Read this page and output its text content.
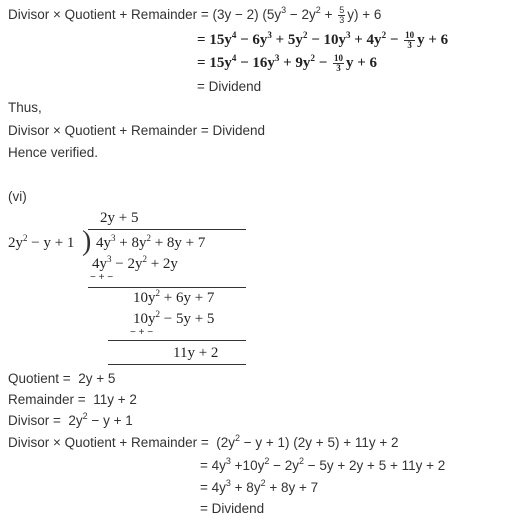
Divisor × Quotient + Remainder = (3y − 2) $(5y^3 - 2y^2 + \frac{5}{3} y) + 6$
= $15y^4 - 6y^3 + 5y^2 - 10y^3 + 4y^2 - \frac{10}{3}$ y + 6
= $15y^4 - 16y^3 + 9y^2 - \frac{10}{3}$ y + 6
= Dividend
Thus,
Divisor × Quotient + Remainder = Dividend
Hence verified.
(vi)
2y + 5
$2y^2 - y + 1$ ) $4y^3 + 8y^2 + 8y + 7$
$4y^3 - 2y^2 + 2y$
− + −
$10y^2 + 6y + 7$
$10y^2 - 5y + 5$
− + −
11y + 2
Quotient = 2y + 5
Remainder = 11y + 2
Divisor = $2y^2 - y + 1$
Divisor × Quotient + Remainder = $(2y^2 - y + 1) (2y + 5) + 11y + 2$
= $4y^3 +10y^2 - 2y^2 - 5y + 2y + 5 + 11y + 2$
= $4y^3 + 8y^2 + 8y + 7$
= Dividend
